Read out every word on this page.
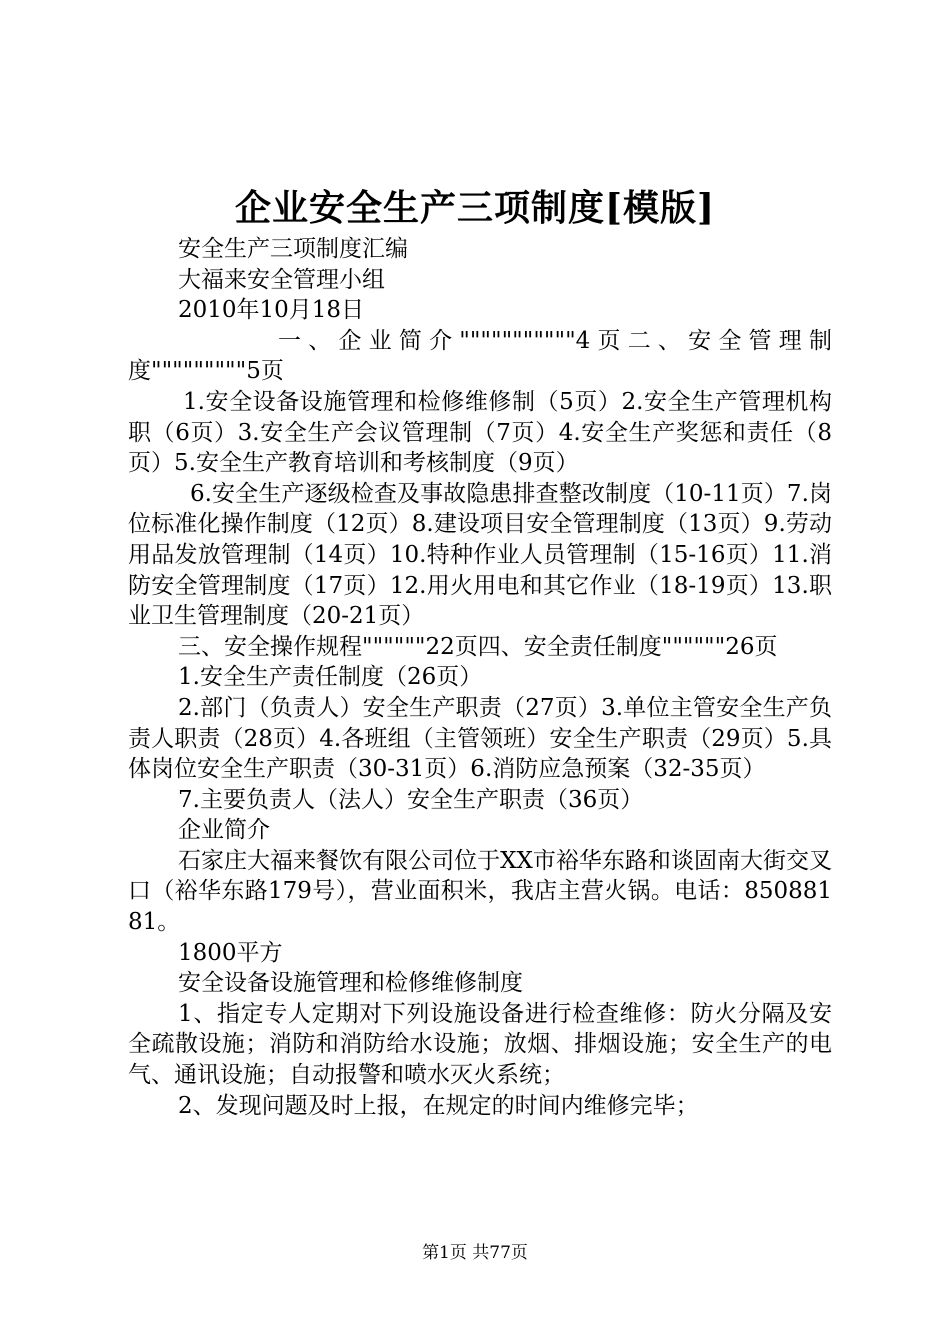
企业安全生产三项制度[模版]

安全生产三项制度汇编

大福来安全管理小组

2010年10月18日

一、企业简介"""""""""""4页二、安全管理制度"""""""""5页

1.安全设备设施管理和检修维修制（5页）2.安全生产管理机构职（6页）3.安全生产会议管理制（7页）4.安全生产奖惩和责任（8页）5.安全生产教育培训和考核制度（9页）

6.安全生产逐级检查及事故隐患排查整改制度（10-11页）7.岗位标准化操作制度（12页）8.建设项目安全管理制度（13页）9.劳动用品发放管理制（14页）10.特种作业人员管理制（15-16页）11.消防安全管理制度（17页）12.用火用电和其它作业（18-19页）13.职业卫生管理制度（20-21页）

三、安全操作规程""""""22页四、安全责任制度""""""26页

1.安全生产责任制度（26页）

2.部门（负责人）安全生产职责（27页）3.单位主管安全生产负责人职责（28页）4.各班组（主管领班）安全生产职责（29页）5.具体岗位安全生产职责（30-31页）6.消防应急预案（32-35页）

7.主要负责人（法人）安全生产职责（36页）

企业简介

石家庄大福来餐饮有限公司位于XX市裕华东路和谈固南大街交叉口（裕华东路179号），营业面积米，我店主营火锅。电话：85088181。

1800平方

安全设备设施管理和检修维修制度

1、指定专人定期对下列设施设备进行检查维修：防火分隔及安全疏散设施；消防和消防给水设施；放烟、排烟设施；安全生产的电气、通讯设施；自动报警和喷水灭火系统；

2、发现问题及时上报，在规定的时间内维修完毕；

第1页 共77页
